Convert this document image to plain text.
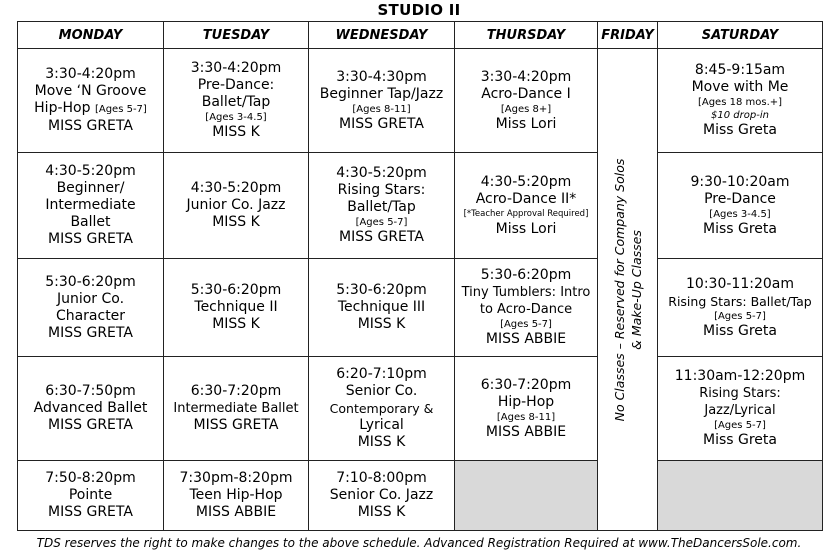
STUDIO II
MONDAY	TUESDAY	WEDNESDAY	THURSDAY	FRIDAY	SATURDAY

3:30-4:20pm
Move ‘N Groove
Hip-Hop [Ages 5-7]
MISS GRETA	3:30-4:20pm
Pre-Dance:
Ballet/Tap
[Ages 3-4.5]
MISS K	3:30-4:30pm
Beginner Tap/Jazz
[Ages 8-11]
MISS GRETA	3:30-4:20pm
Acro-Dance I
[Ages 8+]
Miss Lori	No Classes – Reserved for Company Solos & Make-Up Classes	8:45-9:15am
Move with Me
[Ages 18 mos.+]
$10 drop-in
Miss Greta

4:30-5:20pm
Beginner/
Intermediate
Ballet
MISS GRETA	4:30-5:20pm
Junior Co. Jazz
MISS K	4:30-5:20pm
Rising Stars:
Ballet/Tap
[Ages 5-7]
MISS GRETA	4:30-5:20pm
Acro-Dance II*
[*Teacher Approval Required]
Miss Lori		9:30-10:20am
Pre-Dance
[Ages 3-4.5]
Miss Greta

5:30-6:20pm
Junior Co.
Character
MISS GRETA	5:30-6:20pm
Technique II
MISS K	5:30-6:20pm
Technique III
MISS K	5:30-6:20pm
Tiny Tumblers: Intro
to Acro-Dance
[Ages 5-7]
MISS ABBIE		10:30-11:20am
Rising Stars: Ballet/Tap
[Ages 5-7]
Miss Greta

6:30-7:50pm
Advanced Ballet
MISS GRETA	6:30-7:20pm
Intermediate Ballet
MISS GRETA	6:20-7:10pm
Senior Co.
Contemporary &
Lyrical
MISS K	6:30-7:20pm
Hip-Hop
[Ages 8-11]
MISS ABBIE		11:30am-12:20pm
Rising Stars:
Jazz/Lyrical
[Ages 5-7]
Miss Greta

7:50-8:20pm
Pointe
MISS GRETA	7:30pm-8:20pm
Teen Hip-Hop
MISS ABBIE	7:10-8:00pm
Senior Co. Jazz
MISS K			

TDS reserves the right to make changes to the above schedule. Advanced Registration Required at www.TheDancersSole.com.
